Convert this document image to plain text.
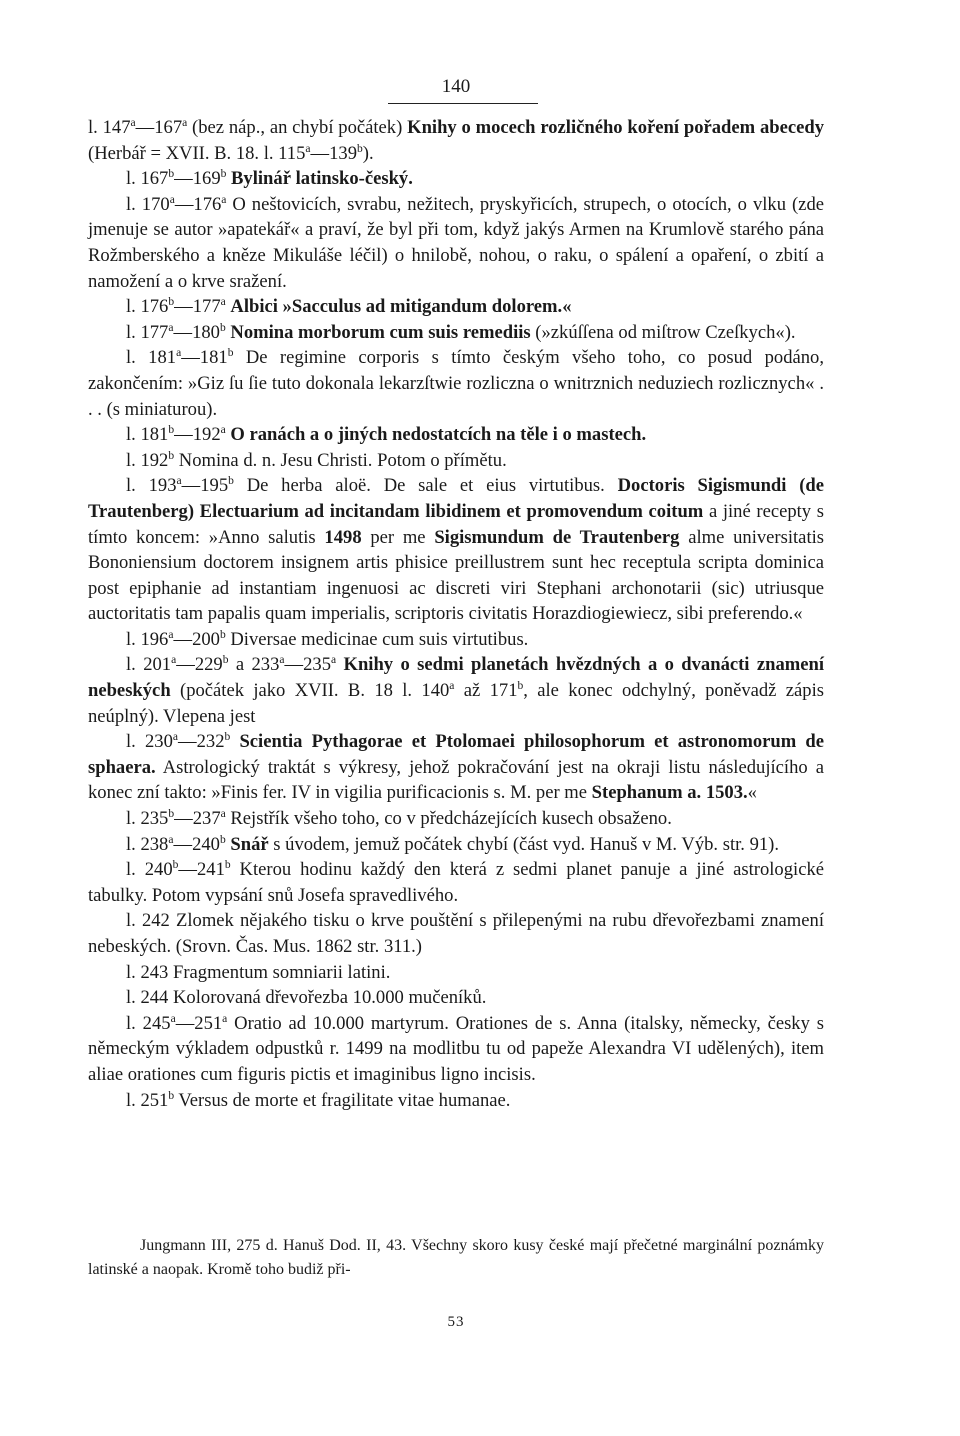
140

l. 147$^a$—167$^a$ (bez náp., an chybí počátek) Knihy o mocech rozličného koření pořadem abecedy (Herbář = XVII. B. 18. l. 115$^a$—139$^b$).

l. 167$^b$—169$^b$ Bylinář latinsko-český.

l. 170$^a$—176$^a$ O neštovicích, svrabu, nežitech, pryskyřicích, strupech, o otocích, o vlku (zde jmenuje se autor »apatekář« a praví, že byl při tom, když jakýs Armen na Krumlově starého pána Rožmberského a kněze Mikuláše léčil) o hnilobě, nohou, o raku, o spálení a opaření, o zbití a namožení a o krve sražení.

l. 176$^b$—177$^a$ Albici »Sacculus ad mitigandum dolorem.«

l. 177$^a$—180$^b$ Nomina morborum cum suis remediis (»zkúſſena od miſtrow Czeſkych«).

l. 181$^a$—181$^b$ De regimine corporis s tímto českým všeho toho, co posud podáno, zakončením: »Giz ſu ſie tuto dokonala lekarzſtwie rozliczna o wnitrznich neduziech rozlicznych« . . . (s miniaturou).

l. 181$^b$—192$^a$ O ranách a o jiných nedostatcích na těle i o mastech.

l. 192$^b$ Nomina d. n. Jesu Christi. Potom o přímětu.

l. 193$^a$—195$^b$ De herba aloë. De sale et eius virtutibus. Doctoris Sigismundi (de Trautenberg) Electuarium ad incitandam libidinem et promovendum coitum a jiné recepty s tímto koncem: »Anno salutis 1498 per me Sigismundum de Trautenberg alme universitatis Bononiensium doctorem insignem artis phisice preillustrem sunt hec receptula scripta dominica post epiphanie ad instantiam ingenuosi ac discreti viri Stephani archonotarii (sic) utriusque auctoritatis tam papalis quam imperialis, scriptoris civitatis Horazdiogiewiecz, sibi preferendo.«

l. 196$^a$—200$^b$ Diversae medicinae cum suis virtutibus.

l. 201$^a$—229$^b$ a 233$^a$—235$^a$ Knihy o sedmi planetách hvězdných a o dvanácti znamení nebeských (počátek jako XVII. B. 18 l. 140$^a$ až 171$^b$, ale konec odchylný, poněvadž zápis neúplný). Vlepena jest

l. 230$^a$—232$^b$ Scientia Pythagorae et Ptolomaei philosophorum et astronomorum de sphaera. Astrologický traktát s výkresy, jehož pokračování jest na okraji listu následujícího a konec zní takto: »Finis fer. IV in vigilia purificacionis s. M. per me Stephanum a. 1503.«

l. 235$^b$—237$^a$ Rejstřík všeho toho, co v předcházejících kusech obsaženo.

l. 238$^a$—240$^b$ Snář s úvodem, jemuž počátek chybí (část vyd. Hanuš v M. Výb. str. 91).

l. 240$^b$—241$^b$ Kterou hodinu každý den která z sedmi planet panuje a jiné astrologické tabulky. Potom vypsání snů Josefa spravedlivého.

l. 242 Zlomek nějakého tisku o krve pouštění s přilepenými na rubu dřevořezbami znamení nebeských. (Srovn. Čas. Mus. 1862 str. 311.)

l. 243 Fragmentum somniarii latini.

l. 244 Kolorovaná dřevořezba 10.000 mučeníků.

l. 245$^a$—251$^a$ Oratio ad 10.000 martyrum. Orationes de s. Anna (italsky, německy, česky s německým výkladem odpustků r. 1499 na modlitbu tu od papeže Alexandra VI udělených), item aliae orationes cum figuris pictis et imaginibus ligno incisis.

l. 251$^b$ Versus de morte et fragilitate vitae humanae.

Jungmann III, 275 d. Hanuš Dod. II, 43. Všechny skoro kusy české mají přečetné marginální poznámky latinské a naopak. Kromě toho budiž při-
53
